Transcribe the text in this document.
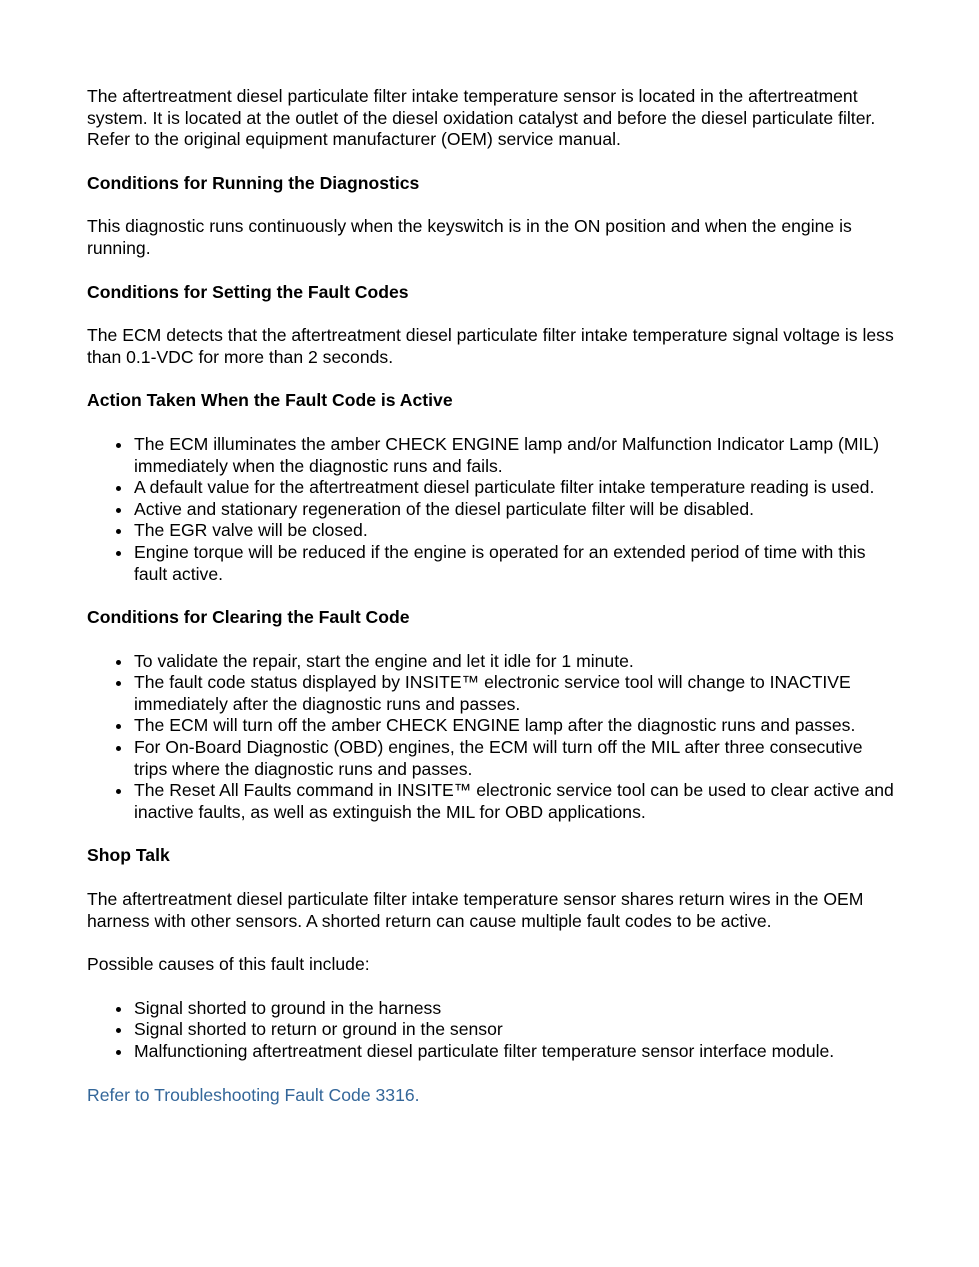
The aftertreatment diesel particulate filter intake temperature sensor is located in the aftertreatment system. It is located at the outlet of the diesel oxidation catalyst and before the diesel particulate filter. Refer to the original equipment manufacturer (OEM) service manual.

Conditions for Running the Diagnostics

This diagnostic runs continuously when the keyswitch is in the ON position and when the engine is running.

Conditions for Setting the Fault Codes

The ECM detects that the aftertreatment diesel particulate filter intake temperature signal voltage is less than 0.1-VDC for more than 2 seconds.

Action Taken When the Fault Code is Active

The ECM illuminates the amber CHECK ENGINE lamp and/or Malfunction Indicator Lamp (MIL) immediately when the diagnostic runs and fails.
A default value for the aftertreatment diesel particulate filter intake temperature reading is used.
Active and stationary regeneration of the diesel particulate filter will be disabled.
The EGR valve will be closed.
Engine torque will be reduced if the engine is operated for an extended period of time with this fault active.

Conditions for Clearing the Fault Code

To validate the repair, start the engine and let it idle for 1 minute.
The fault code status displayed by INSITE™ electronic service tool will change to INACTIVE immediately after the diagnostic runs and passes.
The ECM will turn off the amber CHECK ENGINE lamp after the diagnostic runs and passes.
For On-Board Diagnostic (OBD) engines, the ECM will turn off the MIL after three consecutive trips where the diagnostic runs and passes.
The Reset All Faults command in INSITE™ electronic service tool can be used to clear active and inactive faults, as well as extinguish the MIL for OBD applications.

Shop Talk

The aftertreatment diesel particulate filter intake temperature sensor shares return wires in the OEM harness with other sensors. A shorted return can cause multiple fault codes to be active.

Possible causes of this fault include:

Signal shorted to ground in the harness
Signal shorted to return or ground in the sensor
Malfunctioning aftertreatment diesel particulate filter temperature sensor interface module.

Refer to Troubleshooting Fault Code 3316.
